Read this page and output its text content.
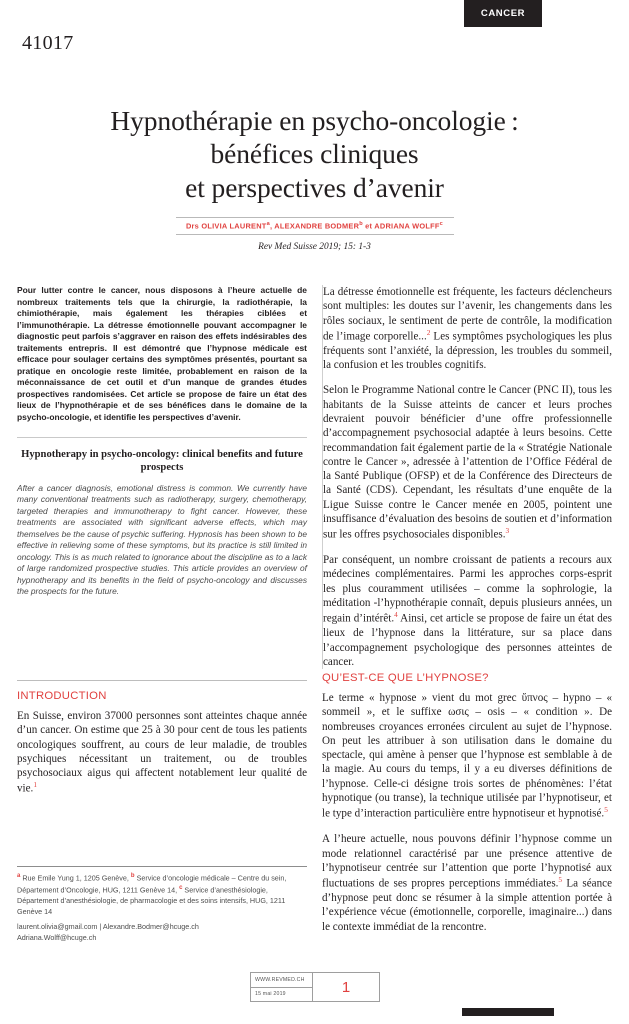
CANCER
41017
Hypnothérapie en psycho-oncologie :
bénéfices cliniques
et perspectives d’avenir
Drs OLIVIA LAURENT$^a$, ALEXANDRE BODMER$^b$ et ADRIANA WOLFF$^c$
Rev Med Suisse 2019; 15: 1-3
Pour lutter contre le cancer, nous disposons à l’heure actuelle de nombreux traitements tels que la chirurgie, la radiothérapie, la chimiothérapie, mais également les thérapies ciblées et l’immunothérapie. La détresse émotionnelle pouvant accompagner le diagnostic peut parfois s’aggraver en raison des effets indésirables des traitements entrepris. Il est démontré que l’hypnose médicale est efficace pour soulager certains des symptômes présentés, pourtant sa pratique en oncologie reste limitée, probablement en raison de la méconnaissance de cet outil et d’un manque de grandes études prospectives randomisées. Cet article se propose de faire un état des lieux de l’hypnothérapie et de ses bénéfices dans le domaine de la psycho-oncologie, et identifie les perspectives d’avenir.
Hypnotherapy in psycho-oncology: clinical benefits and future prospects
After a cancer diagnosis, emotional distress is common. We currently have many conventional treatments such as radiotherapy, surgery, chemotherapy, targeted therapies and immunotherapy to fight cancer. However, these treatments are associated with significant adverse effects, which may themselves be the cause of psychic suffering. Hypnosis has been shown to be effective in relieving some of these symptoms, but its practice is still limited in oncology. This is as much related to ignorance about the discipline as to a lack of large randomized prospective studies. This article provides an overview of hypnotherapy and its benefits in the field of psycho-oncology and discusses the prospects for the future.
INTRODUCTION

En Suisse, environ 37000 personnes sont atteintes chaque année d’un cancer. On estime que 25 à 30 pour cent de tous les patients oncologiques souffrent, au cours de leur maladie, de troubles psychiques nécessitant un traitement, ou de troubles psychosociaux aigus qui affectent notablement leur qualité de vie.$^1$

La détresse émotionnelle est fréquente, les facteurs déclencheurs sont multiples: les doutes sur l’avenir, les changements dans les rôles sociaux, le sentiment de perte de contrôle, la modification de l’image corporelle...$^2$ Les symptômes psychologiques les plus fréquents sont l’anxiété, la dépression, les troubles du sommeil, la confusion et les troubles cognitifs.

Selon le Programme National contre le Cancer (PNC II), tous les habitants de la Suisse atteints de cancer et leurs proches devraient pouvoir bénéficier d’une offre professionnelle d’accompagnement psychosocial adaptée à leurs besoins. Cette recommandation fait également partie de la « Stratégie Nationale contre le Cancer », adressée à l’attention de l’Office Fédéral de la Santé Publique (OFSP) et de la Conférence des Directeurs de la Santé (CDS). Cependant, les résultats d’une enquête de la Ligue Suisse contre le Cancer menée en 2005, pointent une insuffisance d’évaluation des besoins de soutien et d’information sur les offres psychosociales disponibles.$^3$

Par conséquent, un nombre croissant de patients a recours aux médecines complémentaires. Parmi les approches corps-esprit les plus couramment utilisées – comme la sophrologie, la méditation -l’hypnothérapie connaît, depuis plusieurs années, un regain d’intérêt.$^4$ Ainsi, cet article se propose de faire un état des lieux de l’hypnose dans la littérature, sur sa place dans l’accompagnement psychologique des personnes atteintes de cancer.

QU’EST-CE QUE L’HYPNOSE?

Le terme « hypnose » vient du mot grec ὕπνος – hypno – « sommeil », et le suffixe ωσις – osis – « condition ». De nombreuses croyances erronées circulent au sujet de l’hypnose. On peut les attribuer à son utilisation dans le domaine du spectacle, qui amène à penser que l’hypnose est semblable à de la magie. Au cours du temps, il y a eu diverses définitions de l’hypnose. Celle-ci désigne trois sortes de phénomènes: l’état hypnotique (ou transe), la technique utilisée par l’hypnotiseur, et le type d’interaction particulière entre hypnotiseur et hypnotisé.$^5$

A l’heure actuelle, nous pouvons définir l’hypnose comme un mode relationnel caractérisé par une présence attentive de l’hypnotiseur centrée sur l’attention que porte l’hypnotisé aux fluctuations de ses propres perceptions immédiates.$^5$ La séance d’hypnose peut donc se résumer à la simple attention portée à l’expérience vécue (émotionnelle, corporelle, imaginaire...) dans le contexte immédiat de la rencontre.

$^a$ Rue Emile Yung 1, 1205 Genève, $^b$ Service d’oncologie médicale – Centre du sein, Département d’Oncologie, HUG, 1211 Genève 14, $^c$ Service d’anesthésiologie, Département d’anesthésiologie, de pharmacologie et des soins intensifs, HUG, 1211 Genève 14

laurent.olivia@gmail.com | Alexandre.Bodmer@hcuge.ch

Adriana.Wolff@hcuge.ch

WWW.REVMED.CH
15 mai 2019	1
